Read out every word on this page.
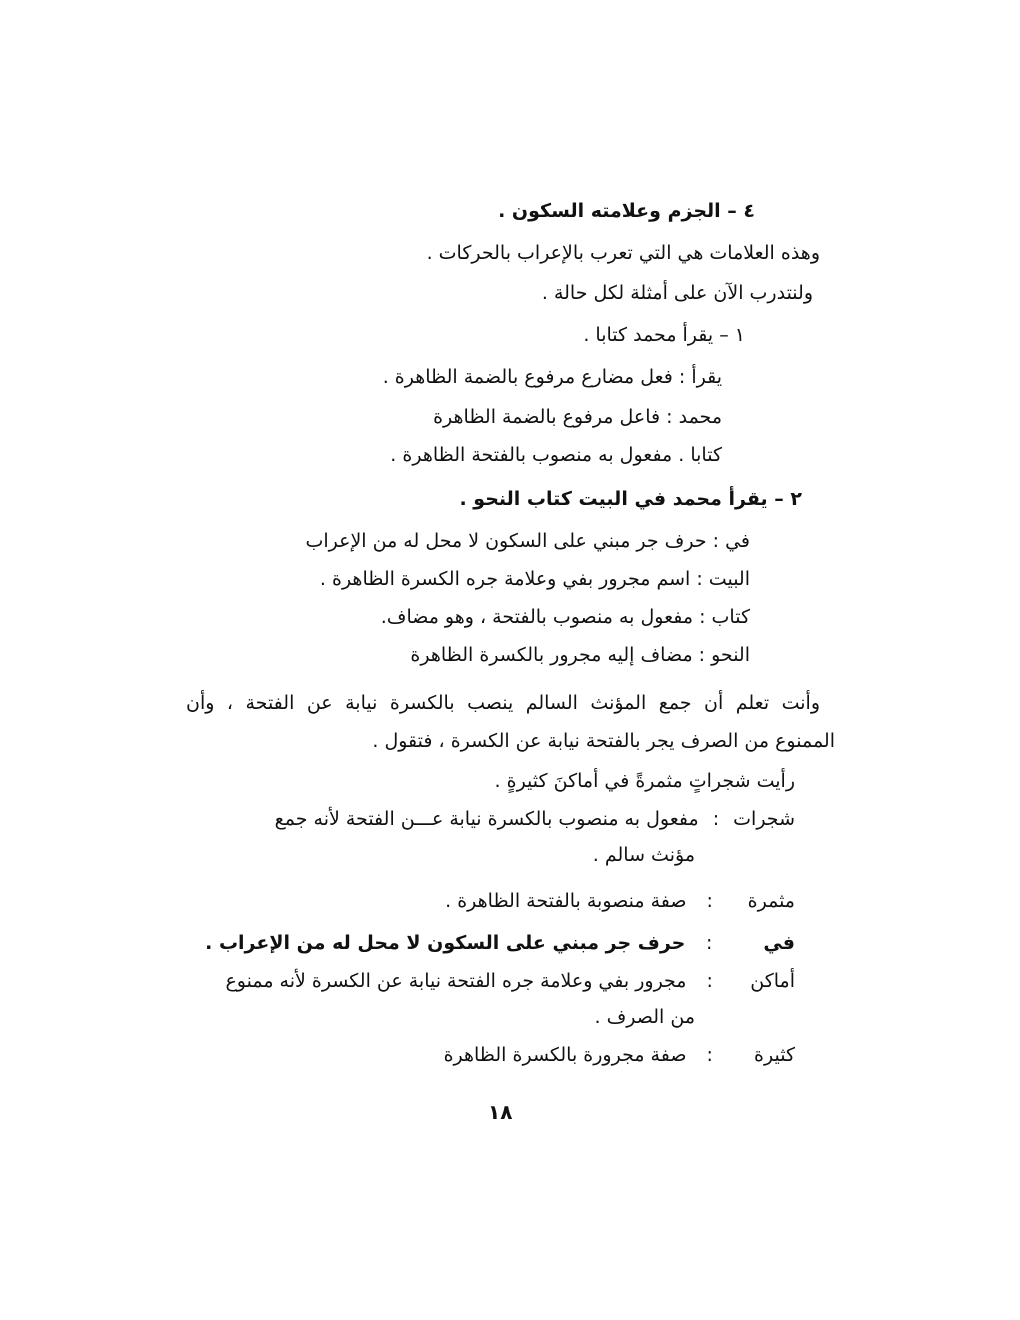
٤ – الجزم وعلامته السكون .
وهذه العلامات هي التي تعرب بالإعراب بالحركات .
ولنتدرب الآن على أمثلة لكل حالة .
١ – يقرأ محمد كتابا .
يقرأ : فعل مضارع مرفوع بالضمة الظاهرة .
محمد : فاعل مرفوع بالضمة الظاهرة
كتابا . مفعول به منصوب بالفتحة الظاهرة .
٢ – يقرأ محمد في البيت كتاب النحو .
في : حرف جر مبني على السكون لا محل له من الإعراب
البيت : اسم مجرور بفي وعلامة جره الكسرة الظاهرة .
كتاب : مفعول به منصوب بالفتحة ، وهو مضاف.
النحو : مضاف إليه مجرور بالكسرة الظاهرة
وأنت تعلم أن جمع المؤنث السالم ينصب بالكسرة نيابة عن الفتحة ، وأن
الممنوع من الصرف يجر بالفتحة نيابة عن الكسرة ، فتقول .
رأيت شجراتٍ مثمرةً في أماكنَ كثيرةٍ .
شجرات : مفعول به منصوب بالكسرة نيابة عـــن الفتحة لأنه جمع
مؤنث سالم .
مثمرة : صفة منصوبة بالفتحة الظاهرة .
في : حرف جر مبني على السكون لا محل له من الإعراب .
أماكن : مجرور بفي وعلامة جره الفتحة نيابة عن الكسرة لأنه ممنوع
من الصرف .
كثيرة : صفة مجرورة بالكسرة الظاهرة
١٨
